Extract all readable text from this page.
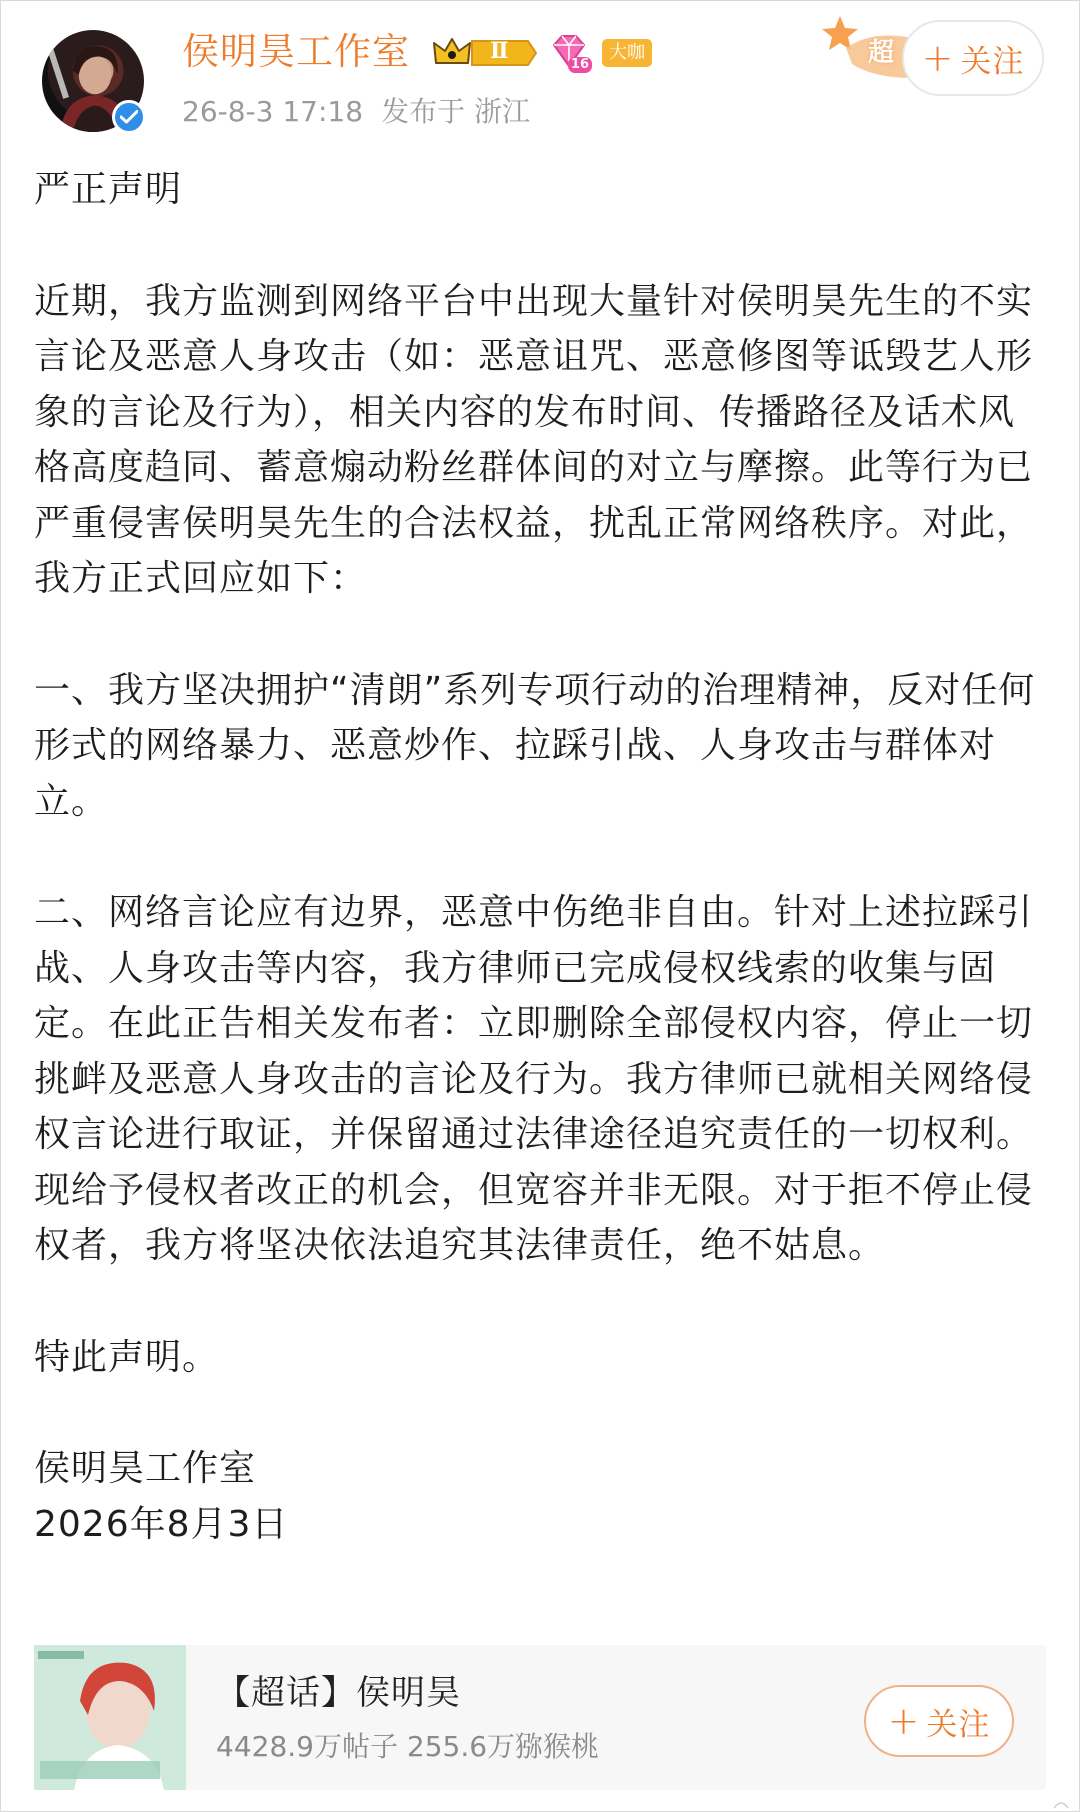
侯明昊工作室	Ⅱ
16
大咖
26-8-3 17:18 发布于 浙江
超 + 关注

严正声明

近期，我方监测到网络平台中出现大量针对侯明昊先生的不实言论及恶意人身攻击（如：恶意诅咒、恶意修图等诋毁艺人形象的言论及行为），相关内容的发布时间、传播路径及话术风格高度趋同、蓄意煽动粉丝群体间的对立与摩擦。此等行为已严重侵害侯明昊先生的合法权益，扰乱正常网络秩序。对此，我方正式回应如下：

一、我方坚决拥护“清朗”系列专项行动的治理精神，反对任何形式的网络暴力、恶意炒作、拉踩引战、人身攻击与群体对立。

二、网络言论应有边界，恶意中伤绝非自由。针对上述拉踩引战、人身攻击等内容，我方律师已完成侵权线索的收集与固定。在此正告相关发布者：立即删除全部侵权内容，停止一切挑衅及恶意人身攻击的言论及行为。我方律师已就相关网络侵权言论进行取证，并保留通过法律途径追究责任的一切权利。现给予侵权者改正的机会，但宽容并非无限。对于拒不停止侵权者，我方将坚决依法追究其法律责任，绝不姑息。

特此声明。

侯明昊工作室

2026年8月3日

【超话】侯明昊
4428.9万帖子 255.6万猕猴桃
+ 关注
